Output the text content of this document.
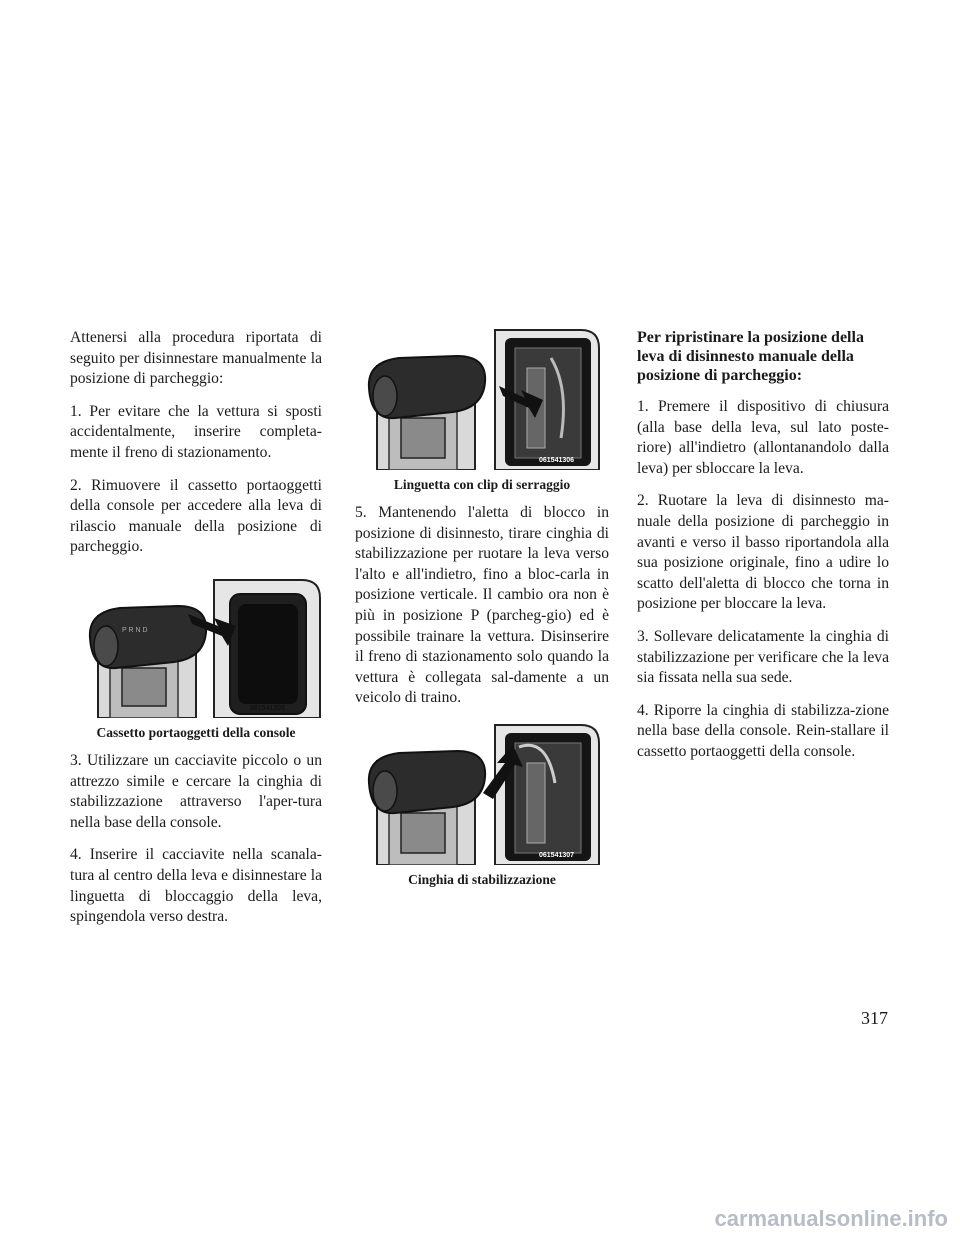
Attenersi alla procedura riportata di seguito per disinnestare manualmente la posizione di parcheggio:

1. Per evitare che la vettura si sposti accidentalmente, inserire completa-mente il freno di stazionamento.

2. Rimuovere il cassetto portaoggetti della console per accedere alla leva di rilascio manuale della posizione di parcheggio.

P R N D
061541305
Cassetto portaoggetti della console

3. Utilizzare un cacciavite piccolo o un attrezzo simile e cercare la cinghia di stabilizzazione attraverso l'aper-tura nella base della console.

4. Inserire il cacciavite nella scanala-tura al centro della leva e disinnestare la linguetta di bloccaggio della leva, spingendola verso destra.

061541306
Linguetta con clip di serraggio

5. Mantenendo l'aletta di blocco in posizione di disinnesto, tirare cinghia di stabilizzazione per ruotare la leva verso l'alto e all'indietro, fino a bloc-carla in posizione verticale. Il cambio ora non è più in posizione P (parcheg-gio) ed è possibile trainare la vettura. Disinserire il freno di stazionamento solo quando la vettura è collegata sal-damente a un veicolo di traino.

061541307
Cinghia di stabilizzazione
Per ripristinare la posizione della leva di disinnesto manuale della posizione di parcheggio:

1. Premere il dispositivo di chiusura (alla base della leva, sul lato poste-riore) all'indietro (allontanandolo dalla leva) per sbloccare la leva.

2. Ruotare la leva di disinnesto ma-nuale della posizione di parcheggio in avanti e verso il basso riportandola alla sua posizione originale, fino a udire lo scatto dell'aletta di blocco che torna in posizione per bloccare la leva.

3. Sollevare delicatamente la cinghia di stabilizzazione per verificare che la leva sia fissata nella sua sede.

4. Riporre la cinghia di stabilizza-zione nella base della console. Rein-stallare il cassetto portaoggetti della console.

317
carmanualsonline.info
